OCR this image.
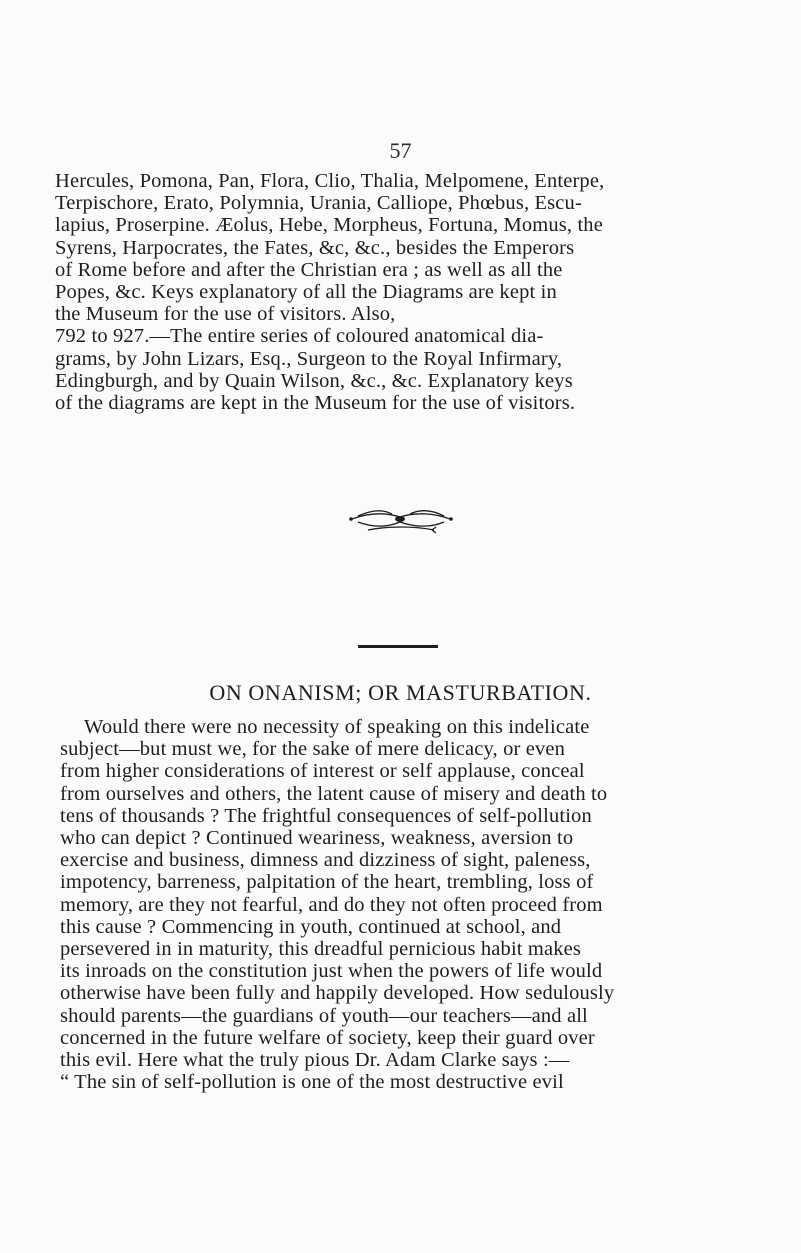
57
Hercules, Pomona, Pan, Flora, Clio, Thalia, Melpomene, Enterpe,
Terpischore, Erato, Polymnia, Urania, Calliope, Phœbus, Escu-
lapius, Proserpine. Æolus, Hebe, Morpheus, Fortuna, Momus, the
Syrens, Harpocrates, the Fates, &c, &c., besides the Emperors
of Rome before and after the Christian era ; as well as all the
Popes, &c. Keys explanatory of all the Diagrams are kept in
the Museum for the use of visitors. Also,
792 to 927.—The entire series of coloured anatomical dia-
grams, by John Lizars, Esq., Surgeon to the Royal Infirmary,
Edingburgh, and by Quain Wilson, &c., &c. Explanatory keys
of the diagrams are kept in the Museum for the use of visitors.
ON ONANISM; OR MASTURBATION.
Would there were no necessity of speaking on this indelicate
subject—but must we, for the sake of mere delicacy, or even
from higher considerations of interest or self applause, conceal
from ourselves and others, the latent cause of misery and death to
tens of thousands ? The frightful consequences of self-pollution
who can depict ? Continued weariness, weakness, aversion to
exercise and business, dimness and dizziness of sight, paleness,
impotency, barreness, palpitation of the heart, trembling, loss of
memory, are they not fearful, and do they not often proceed from
this cause ? Commencing in youth, continued at school, and
persevered in in maturity, this dreadful pernicious habit makes
its inroads on the constitution just when the powers of life would
otherwise have been fully and happily developed. How sedulously
should parents—the guardians of youth—our teachers—and all
concerned in the future welfare of society, keep their guard over
this evil. Here what the truly pious Dr. Adam Clarke says :—
“ The sin of self-pollution is one of the most destructive evil
